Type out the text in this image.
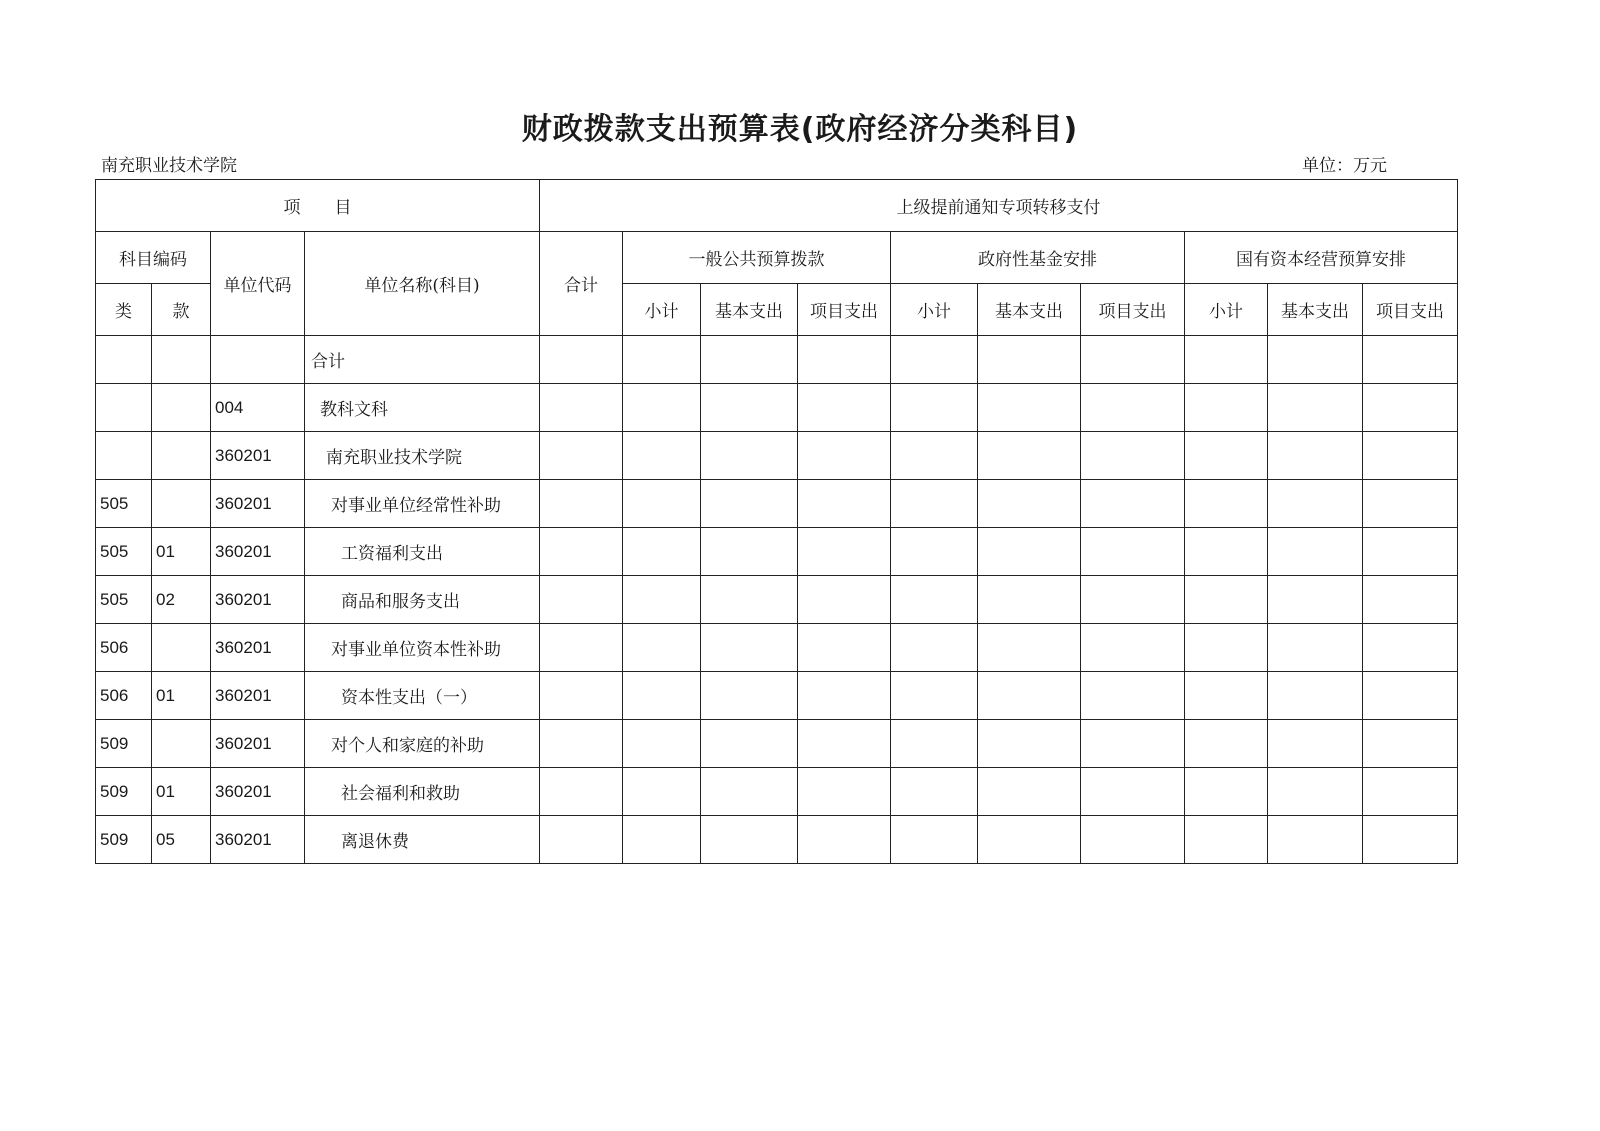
财政拨款支出预算表(政府经济分类科目)
南充职业技术学院	单位：万元
项　　目				上级提前通知专项转移支付									
科目编码		单位代码	单位名称(科目)	合计	一般公共预算拨款			政府性基金安排			国有资本经营预算安排		
类	款				小计	基本支出	项目支出	小计	基本支出	项目支出	小计	基本支出	项目支出
			合计										
		004	教科文科										
		360201	南充职业技术学院										
505		360201	对事业单位经常性补助										
505	01	360201	工资福利支出										
505	02	360201	商品和服务支出										
506		360201	对事业单位资本性补助										
506	01	360201	资本性支出（一）										
509		360201	对个人和家庭的补助										
509	01	360201	社会福利和救助										
509	05	360201	离退休费										
